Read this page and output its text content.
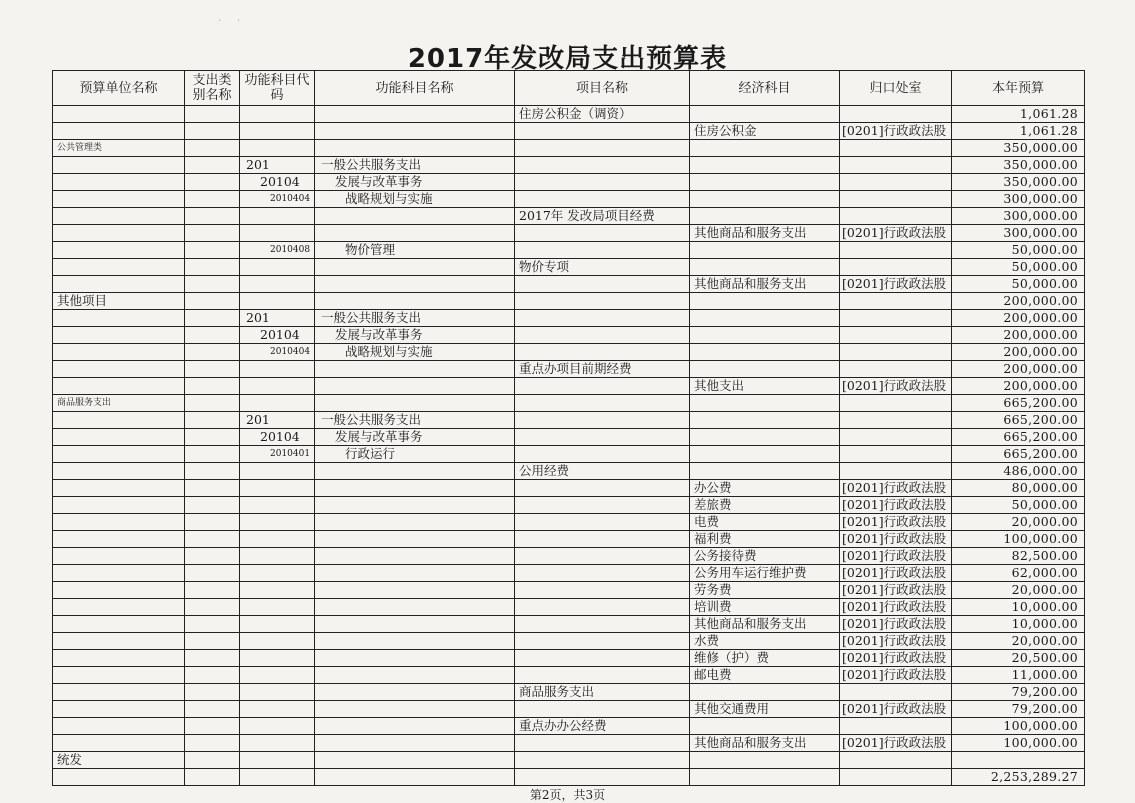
· ·
2017年发改局支出预算表
预算单位名称	支出类别名称	功能科目代码	功能科目名称	项目名称	经济科目	归口处室	本年预算
				住房公积金（调资）			1,061.28
					住房公积金	[0201]行政政法股	1,061.28
公共管理类							350,000.00
		201	一般公共服务支出				350,000.00
		20104	发展与改革事务				350,000.00
		2010404	战略规划与实施				300,000.00
				2017年 发改局项目经费			300,000.00
					其他商品和服务支出	[0201]行政政法股	300,000.00
		2010408	物价管理				50,000.00
				物价专项			50,000.00
					其他商品和服务支出	[0201]行政政法股	50,000.00
其他项目							200,000.00
		201	一般公共服务支出				200,000.00
		20104	发展与改革事务				200,000.00
		2010404	战略规划与实施				200,000.00
				重点办项目前期经费			200,000.00
					其他支出	[0201]行政政法股	200,000.00
商品服务支出							665,200.00
		201	一般公共服务支出				665,200.00
		20104	发展与改革事务				665,200.00
		2010401	行政运行				665,200.00
				公用经费			486,000.00
					办公费	[0201]行政政法股	80,000.00
					差旅费	[0201]行政政法股	50,000.00
					电费	[0201]行政政法股	20,000.00
					福利费	[0201]行政政法股	100,000.00
					公务接待费	[0201]行政政法股	82,500.00
					公务用车运行维护费	[0201]行政政法股	62,000.00
					劳务费	[0201]行政政法股	20,000.00
					培训费	[0201]行政政法股	10,000.00
					其他商品和服务支出	[0201]行政政法股	10,000.00
					水费	[0201]行政政法股	20,000.00
					维修（护）费	[0201]行政政法股	20,500.00
					邮电费	[0201]行政政法股	11,000.00
				商品服务支出			79,200.00
					其他交通费用	[0201]行政政法股	79,200.00
				重点办办公经费			100,000.00
					其他商品和服务支出	[0201]行政政法股	100,000.00
统发							
							2,253,289.27
第2页，共3页
